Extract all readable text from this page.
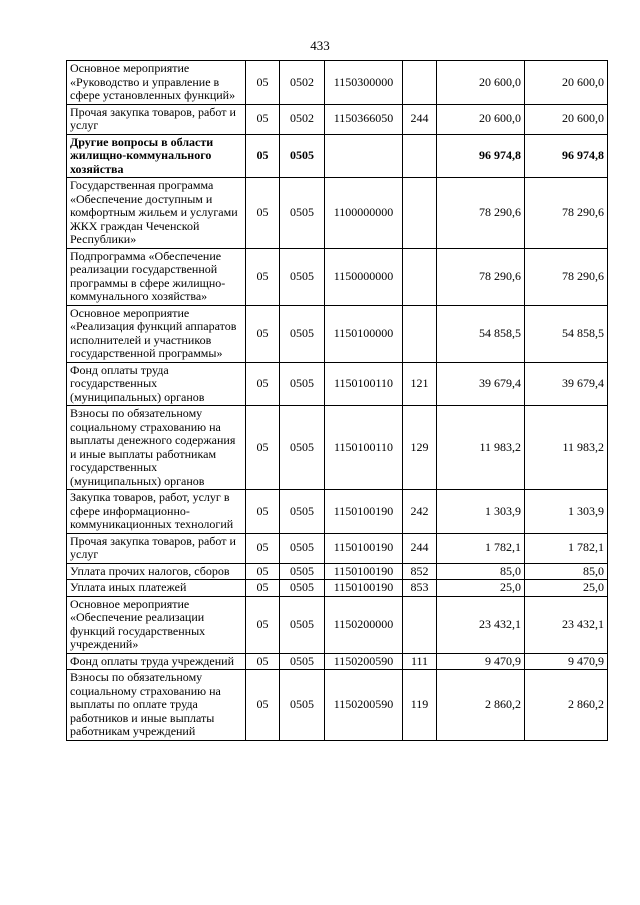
433
Основное мероприятие «Руководство и управление в сфере установленных функций»	05	0502	1150300000		20 600,0	20 600,0
Прочая закупка товаров, работ и услуг	05	0502	1150366050	244	20 600,0	20 600,0
Другие вопросы в области жилищно-коммунального хозяйства	05	0505			96 974,8	96 974,8
Государственная программа «Обеспечение доступным и комфортным жильем и услугами ЖКХ граждан Чеченской Республики»	05	0505	1100000000		78 290,6	78 290,6
Подпрограмма «Обеспечение реализации государственной программы в сфере жилищно-коммунального хозяйства»	05	0505	1150000000		78 290,6	78 290,6
Основное мероприятие «Реализация функций аппаратов исполнителей и участников государственной программы»	05	0505	1150100000		54 858,5	54 858,5
Фонд оплаты труда государственных (муниципальных) органов	05	0505	1150100110	121	39 679,4	39 679,4
Взносы по обязательному социальному страхованию на выплаты денежного содержания и иные выплаты работникам государственных (муниципальных) органов	05	0505	1150100110	129	11 983,2	11 983,2
Закупка товаров, работ, услуг в сфере информационно-коммуникационных технологий	05	0505	1150100190	242	1 303,9	1 303,9
Прочая закупка товаров, работ и услуг	05	0505	1150100190	244	1 782,1	1 782,1
Уплата прочих налогов, сборов	05	0505	1150100190	852	85,0	85,0
Уплата иных платежей	05	0505	1150100190	853	25,0	25,0
Основное мероприятие «Обеспечение реализации функций государственных учреждений»	05	0505	1150200000		23 432,1	23 432,1
Фонд оплаты труда учреждений	05	0505	1150200590	111	9 470,9	9 470,9
Взносы по обязательному социальному страхованию на выплаты по оплате труда работников и иные выплаты работникам учреждений	05	0505	1150200590	119	2 860,2	2 860,2
